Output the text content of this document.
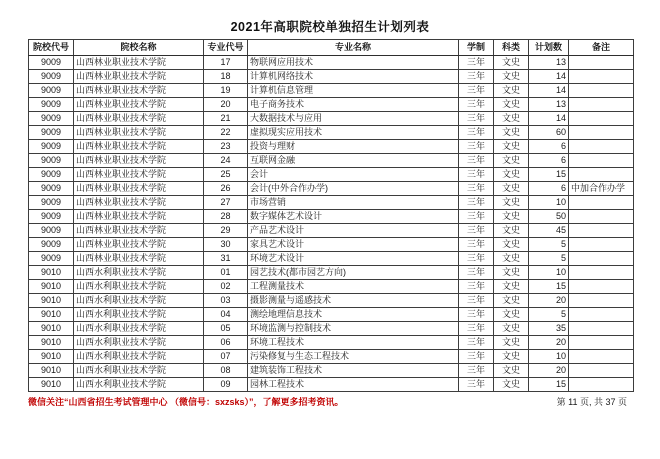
2021年高职院校单独招生计划列表
院校代号	院校名称	专业代号	专业名称	学制	科类	计划数	备注
9009	山西林业职业技术学院	17	物联网应用技术	三年	文史	13	
9009	山西林业职业技术学院	18	计算机网络技术	三年	文史	14	
9009	山西林业职业技术学院	19	计算机信息管理	三年	文史	14	
9009	山西林业职业技术学院	20	电子商务技术	三年	文史	13	
9009	山西林业职业技术学院	21	大数据技术与应用	三年	文史	14	
9009	山西林业职业技术学院	22	虚拟现实应用技术	三年	文史	60	
9009	山西林业职业技术学院	23	投资与理财	三年	文史	6	
9009	山西林业职业技术学院	24	互联网金融	三年	文史	6	
9009	山西林业职业技术学院	25	会计	三年	文史	15	
9009	山西林业职业技术学院	26	会计(中外合作办学)	三年	文史	6	中加合作办学
9009	山西林业职业技术学院	27	市场营销	三年	文史	10	
9009	山西林业职业技术学院	28	数字媒体艺术设计	三年	文史	50	
9009	山西林业职业技术学院	29	产品艺术设计	三年	文史	45	
9009	山西林业职业技术学院	30	家具艺术设计	三年	文史	5	
9009	山西林业职业技术学院	31	环境艺术设计	三年	文史	5	
9010	山西水利职业技术学院	01	园艺技术(都市园艺方向)	三年	文史	10	
9010	山西水利职业技术学院	02	工程测量技术	三年	文史	15	
9010	山西水利职业技术学院	03	摄影测量与遥感技术	三年	文史	20	
9010	山西水利职业技术学院	04	测绘地理信息技术	三年	文史	5	
9010	山西水利职业技术学院	05	环境监测与控制技术	三年	文史	35	
9010	山西水利职业技术学院	06	环境工程技术	三年	文史	20	
9010	山西水利职业技术学院	07	污染修复与生态工程技术	三年	文史	10	
9010	山西水利职业技术学院	08	建筑装饰工程技术	三年	文史	20	
9010	山西水利职业技术学院	09	园林工程技术	三年	文史	15	
微信关注“山西省招生考试管理中心 （微信号：sxzsks）”，了解更多招考资讯。	第 11 页, 共 37 页
